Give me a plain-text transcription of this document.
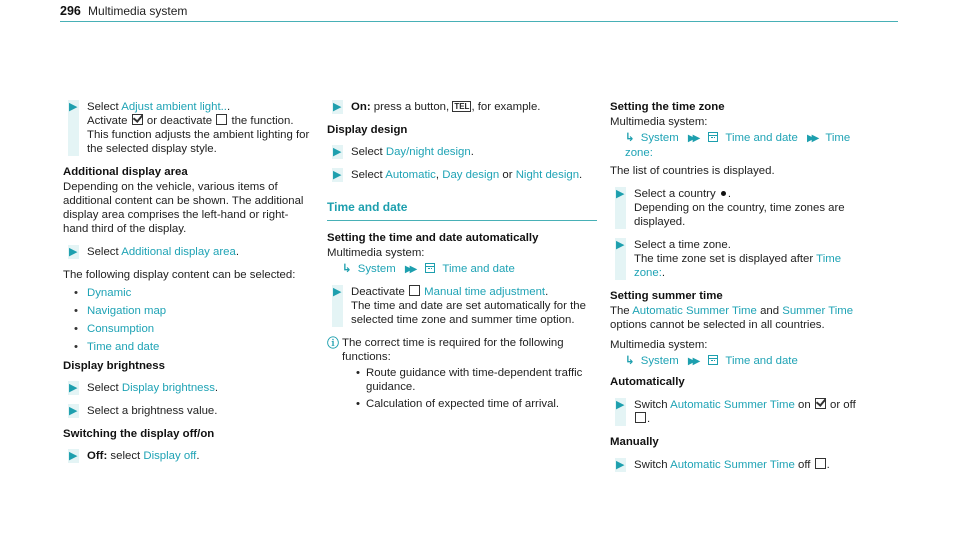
296 Multimedia system
▶ Select Adjust ambient light...

Activate or deactivate the function.

This function adjusts the ambient lighting for the selected display style.

Additional display area

Depending on the vehicle, various items of additional content can be shown. The additional display area comprises the left-hand or right-hand third of the display.

▶ Select Additional display area.

The following display content can be selected:

• Dynamic
• Navigation map
• Consumption
• Time and date

Display brightness

▶ Select Display brightness.
▶ Select a brightness value.

Switching the display off/on

▶ Off: select Display off.
▶ On: press a button, TEL , for example.

Display design

▶ Select Day/night design.
▶ Select Automatic, Day design or Night design.
Time and date

Setting the time and date automatically

Multimedia system:

↳ System ▶▶ Time and date
▶ Deactivate Manual time adjustment.

The time and date are set automatically for the selected time zone and summer time option.

ⓘ The correct time is required for the following functions:

• Route guidance with time-dependent traffic guidance.
• Calculation of expected time of arrival.

Setting the time zone

Multimedia system:

↳ System ▶▶ Time and date ▶▶ Time zone:

The list of countries is displayed.

▶ Select a country .

Depending on the country, time zones are displayed.

▶ Select a time zone.

The time zone set is displayed after Time zone:.

Setting summer time

The Automatic Summer Time and Summer Time options cannot be selected in all countries.

Multimedia system:

↳ System ▶▶ Time and date

Automatically

▶ Switch Automatic Summer Time on or off
.

Manually

▶ Switch Automatic Summer Time off .
